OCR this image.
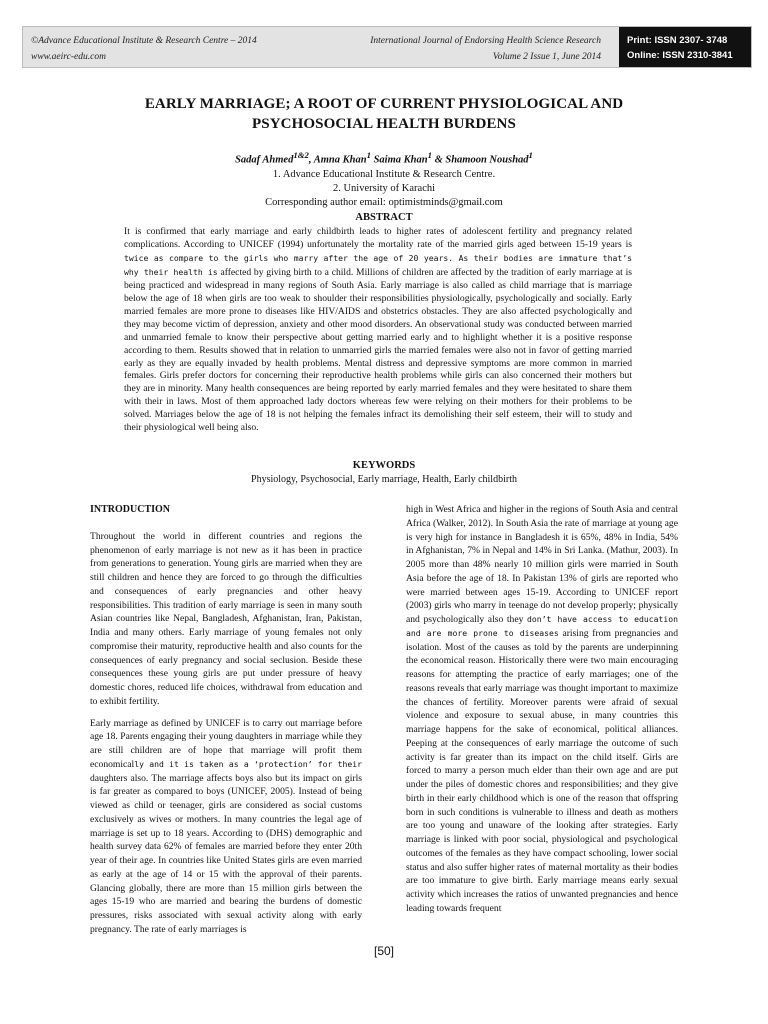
©Advance Educational Institute & Research Centre – 2014
www.aeirc-edu.com
International Journal of Endorsing Health Science Research
Volume 2 Issue 1, June 2014
Print: ISSN 2307- 3748
Online: ISSN 2310-3841
EARLY MARRIAGE; A ROOT OF CURRENT PHYSIOLOGICAL AND
PSYCHOSOCIAL HEALTH BURDENS
Sadaf Ahmed$^{1\&2}$, Amna Khan$^1$ Saima Khan$^1$ & Shamoon Noushad$^1$
1. Advance Educational Institute & Research Centre.
2. University of Karachi
Corresponding author email: optimistminds@gmail.com
ABSTRACT
It is confirmed that early marriage and early childbirth leads to higher rates of adolescent fertility and pregnancy related complications. According to UNICEF (1994) unfortunately the mortality rate of the married girls aged between 15-19 years is twice as compare to the girls who marry after the age of 20 years. As their bodies are immature that’s why their health is affected by giving birth to a child. Millions of children are affected by the tradition of early marriage at is being practiced and widespread in many regions of South Asia. Early marriage is also called as child marriage that is marriage below the age of 18 when girls are too weak to shoulder their responsibilities physiologically, psychologically and socially. Early married females are more prone to diseases like HIV/AIDS and obstetrics obstacles. They are also affected psychologically and they may become victim of depression, anxiety and other mood disorders. An observational study was conducted between married and unmarried female to know their perspective about getting married early and to highlight whether it is a positive response according to them. Results showed that in relation to unmarried girls the married females were also not in favor of getting married early as they are equally invaded by health problems. Mental distress and depressive symptoms are more common in married females. Girls prefer doctors for concerning their reproductive health problems while girls can also concerned their mothers but they are in minority. Many health consequences are being reported by early married females and they were hesitated to share them with their in laws. Most of them approached lady doctors whereas few were relying on their mothers for their problems to be solved. Marriages below the age of 18 is not helping the females infract its demolishing their self esteem, their will to study and their physiological well being also.
KEYWORDS
Physiology, Psychosocial, Early marriage, Health, Early childbirth
INTRODUCTION

Throughout the world in different countries and regions the phenomenon of early marriage is not new as it has been in practice from generations to generation. Young girls are married when they are still children and hence they are forced to go through the difficulties and consequences of early pregnancies and other heavy responsibilities. This tradition of early marriage is seen in many south Asian countries like Nepal, Bangladesh, Afghanistan, Iran, Pakistan, India and many others. Early marriage of young females not only compromise their maturity, reproductive health and also counts for the consequences of early pregnancy and social seclusion. Beside these consequences these young girls are put under pressure of heavy domestic chores, reduced life choices, withdrawal from education and to exhibit fertility.

Early marriage as defined by UNICEF is to carry out marriage before age 18. Parents engaging their young daughters in marriage while they are still children are of hope that marriage will profit them economically and it is taken as a ‘protection’ for their daughters also. The marriage affects boys also but its impact on girls is far greater as compared to boys (UNICEF, 2005). Instead of being viewed as child or teenager, girls are considered as social customs exclusively as wives or mothers. In many countries the legal age of marriage is set up to 18 years. According to (DHS) demographic and health survey data 62% of females are married before they enter 20th year of their age. In countries like United States girls are even married as early at the age of 14 or 15 with the approval of their parents. Glancing globally, there are more than 15 million girls between the ages 15-19 who are married and bearing the burdens of domestic pressures, risks associated with sexual activity along with early pregnancy. The rate of early marriages is

high in West Africa and higher in the regions of South Asia and central Africa (Walker, 2012). In South Asia the rate of marriage at young age is very high for instance in Bangladesh it is 65%, 48% in India, 54% in Afghanistan, 7% in Nepal and 14% in Sri Lanka. (Mathur, 2003). In 2005 more than 48% nearly 10 million girls were married in South Asia before the age of 18. In Pakistan 13% of girls are reported who were married between ages 15-19. According to UNICEF report (2003) girls who marry in teenage do not develop properly; physically and psychologically also they don’t have access to education and are more prone to diseases arising from pregnancies and isolation. Most of the causes as told by the parents are underpinning the economical reason. Historically there were two main encouraging reasons for attempting the practice of early marriages; one of the reasons reveals that early marriage was thought important to maximize the chances of fertility. Moreover parents were afraid of sexual violence and exposure to sexual abuse, in many countries this marriage happens for the sake of economical, political alliances. Peeping at the consequences of early marriage the outcome of such activity is far greater than its impact on the child itself. Girls are forced to marry a person much elder than their own age and are put under the piles of domestic chores and responsibilities; and they give birth in their early childhood which is one of the reason that offspring born in such conditions is vulnerable to illness and death as mothers are too young and unaware of the looking after strategies. Early marriage is linked with poor social, physiological and psychological outcomes of the females as they have compact schooling, lower social status and also suffer higher rates of maternal mortality as their bodies are too immature to give birth. Early marriage means early sexual activity which increases the ratios of unwanted pregnancies and hence leading towards frequent

[50]
